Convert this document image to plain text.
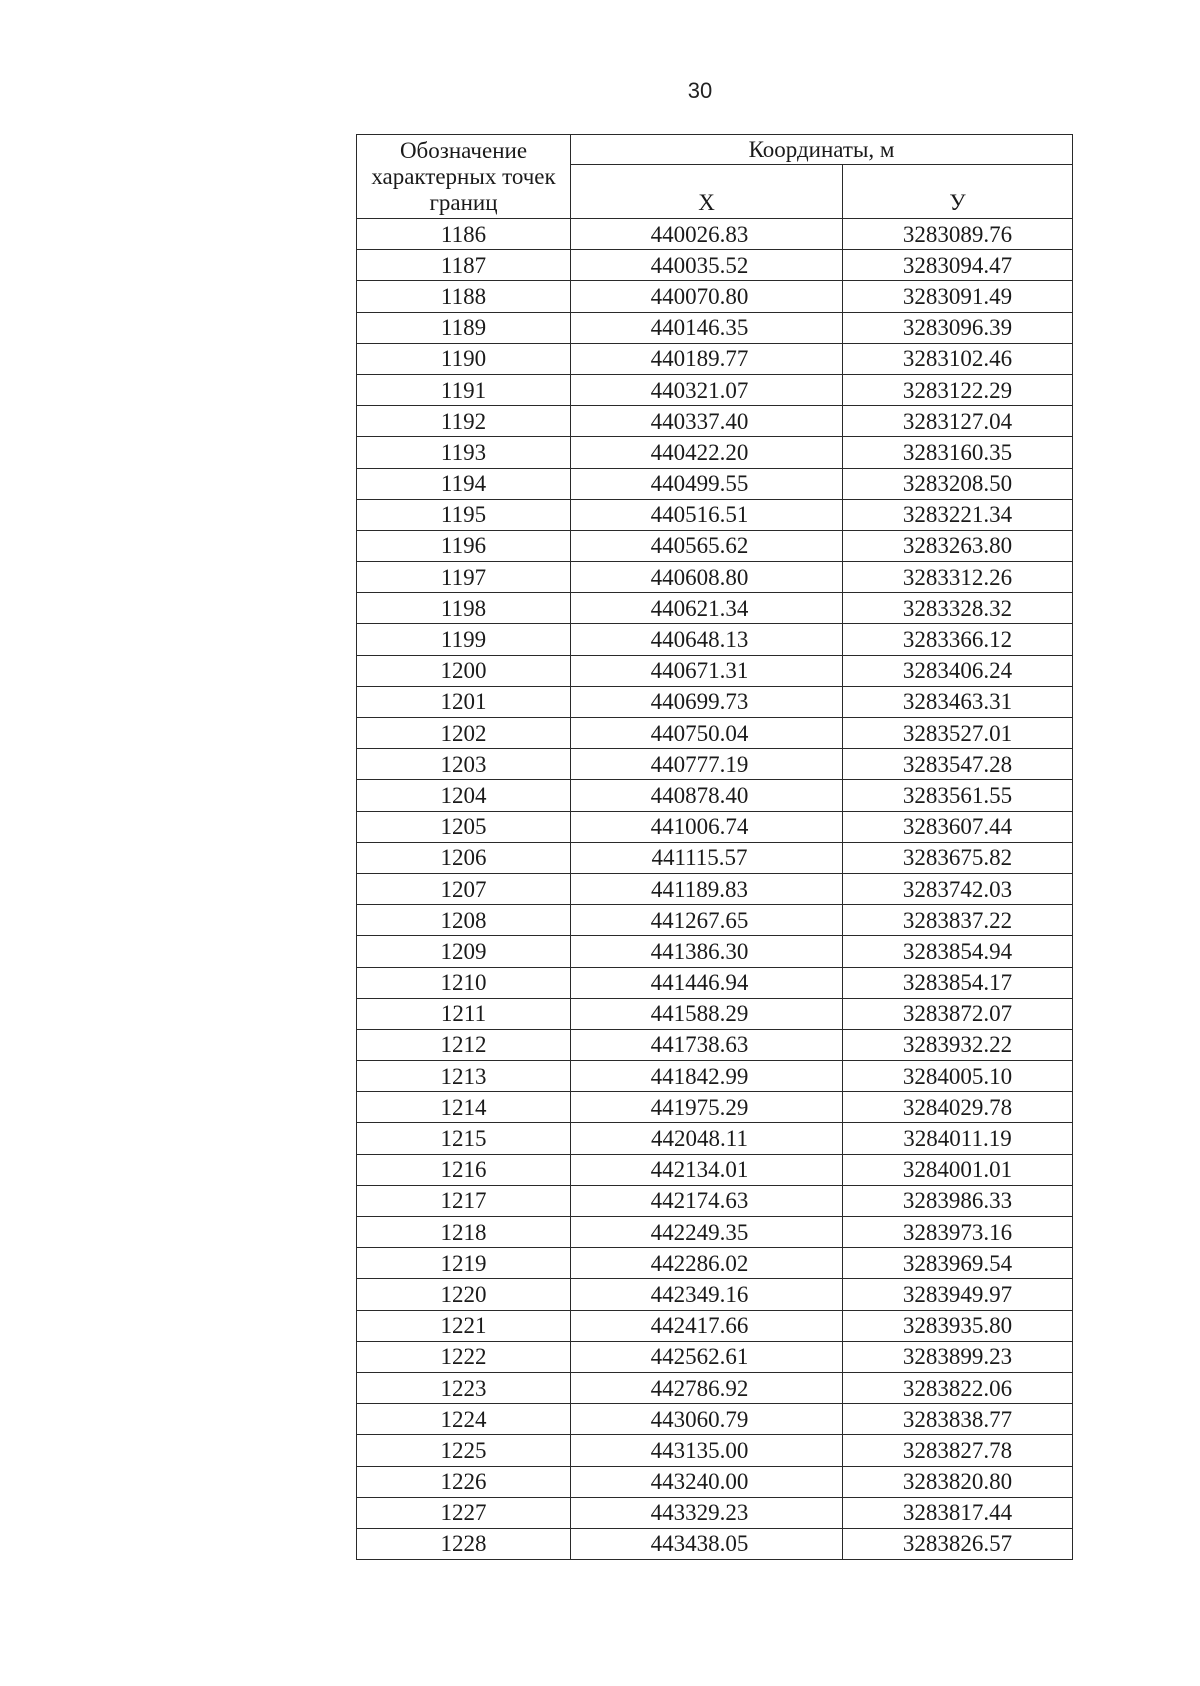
30
Обозначение характерных точек границ	Координаты, м	
	X	У
1186	440026.83	3283089.76
1187	440035.52	3283094.47
1188	440070.80	3283091.49
1189	440146.35	3283096.39
1190	440189.77	3283102.46
1191	440321.07	3283122.29
1192	440337.40	3283127.04
1193	440422.20	3283160.35
1194	440499.55	3283208.50
1195	440516.51	3283221.34
1196	440565.62	3283263.80
1197	440608.80	3283312.26
1198	440621.34	3283328.32
1199	440648.13	3283366.12
1200	440671.31	3283406.24
1201	440699.73	3283463.31
1202	440750.04	3283527.01
1203	440777.19	3283547.28
1204	440878.40	3283561.55
1205	441006.74	3283607.44
1206	441115.57	3283675.82
1207	441189.83	3283742.03
1208	441267.65	3283837.22
1209	441386.30	3283854.94
1210	441446.94	3283854.17
1211	441588.29	3283872.07
1212	441738.63	3283932.22
1213	441842.99	3284005.10
1214	441975.29	3284029.78
1215	442048.11	3284011.19
1216	442134.01	3284001.01
1217	442174.63	3283986.33
1218	442249.35	3283973.16
1219	442286.02	3283969.54
1220	442349.16	3283949.97
1221	442417.66	3283935.80
1222	442562.61	3283899.23
1223	442786.92	3283822.06
1224	443060.79	3283838.77
1225	443135.00	3283827.78
1226	443240.00	3283820.80
1227	443329.23	3283817.44
1228	443438.05	3283826.57
